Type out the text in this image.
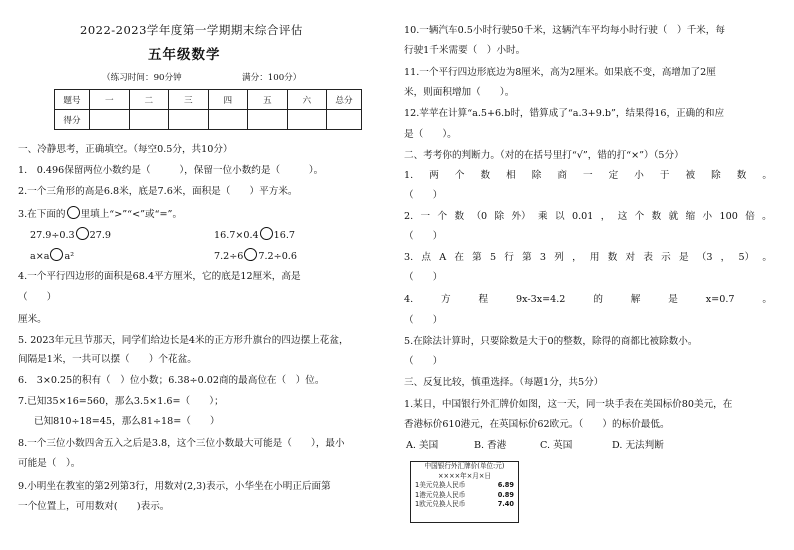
2022-2023学年度第一学期期末综合评估
五年级数学
（练习时间：90分钟	满分：100分）
题号	一	二	三	四	五	六	总分
得分							
一、冷静思考，正确填空。（每空0.5分，共10分）
1.　0.496保留两位小数约是（　　　），保留一位小数约是（　　　）。
2.一个三角形的高是6.8米，底是7.6米，面积是（　　）平方米。
3.在下面的 里填上“>”“<”或“=”。
27.9÷0.3 27.9	16.7×0.4 16.7
a×a a²	7.2÷6 7.2÷0.6
4.一个平行四边形的面积是68.4平方厘米，它的底是12厘米，高是
（　　）
厘米。
5. 2023年元旦节那天，同学们给边长是4米的正方形升旗台的四边摆上花盆，
间隔是1米，一共可以摆（　　）个花盆。
6.　3×0.25的积有（　）位小数；6.38÷0.02商的最高位在（　）位。
7.已知35×16=560，那么3.5×1.6=（　　）；
已知810÷18=45，那么81÷18=（　　）
8.一个三位小数四舍五入之后是3.8，这个三位小数最大可能是（　　），最小
可能是（　）。
9.小明坐在教室的第2列第3行，用数对(2,3)表示，小华坐在小明正后面第
一个位置上，可用数对(　　)表示。
10.一辆汽车0.5小时行驶50千米，这辆汽车平均每小时行驶（　）千米，每
行驶1千米需要（　）小时。
11.一个平行四边形底边为8厘米，高为2厘米。如果底不变，高增加了2厘
米，则面积增加（　　）。
12.苹苹在计算“a.5+6.b时，错算成了“a.3+9.b”，结果得16，正确的和应
是（　　）。
二、考考你的判断力。（对的在括号里打“√”，错的打“×”）（5分）
1. 两 个 数 相 除 商 一 定 小 于 被 除 数 。
（　　）
2. 一 个 数 （0 除 外） 乘 以 0.01 ， 这 个 数 就 缩 小 100 倍 。
（　　）
3. 点 A 在 第 5 行 第 3 列 ， 用 数 对 表 示 是 （3 ， 5） 。
（　　）
4.	方	程	9x-3x=4.2	的	解	是	x=0.7	。
（　　）
5.在除法计算时，只要除数是大于0的整数，除得的商都比被除数小。
（　　）
三、反复比较，慎重选择。（每题1分，共5分）
1.某日，中国银行外汇牌价如图，这一天，同一块手表在美国标价80美元，在
香港标价610港元，在英国标价62欧元。（　　）的标价最低。
A. 美国	B. 香港	C. 英国	D. 无法判断
中国银行外汇牌价(单位:元)
××××年×月×日
1美元兑换人民币	6.89
1港元兑换人民币	0.89
1欧元兑换人民币	7.40
